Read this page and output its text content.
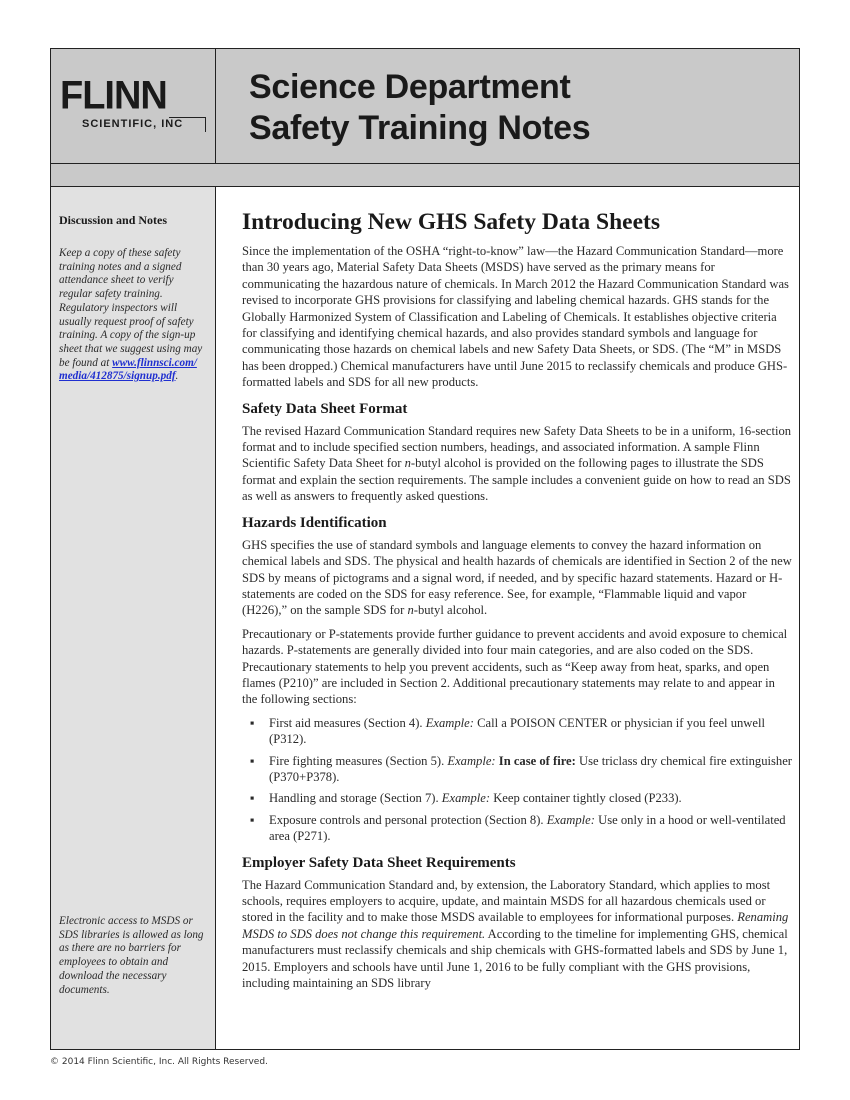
FLINN
SCIENTIFIC, INC
Science Department
Safety Training Notes
Discussion and Notes
Keep a copy of these safety training notes and a signed attendance sheet to verify regular safety training. Regulatory inspectors will usually request proof of safety training. A copy of the sign-up sheet that we suggest using may be found at www.flinnsci.com/
media/412875/signup.pdf.
Electronic access to MSDS or SDS libraries is allowed as long as there are no barriers for employees to obtain and download the necessary documents.
Introducing New GHS Safety Data Sheets

Since the implementation of the OSHA “right-to-know” law—the Hazard Communication Standard—more than 30 years ago, Material Safety Data Sheets (MSDS) have served as the primary means for communicating the hazardous nature of chemicals. In March 2012 the Hazard Communication Standard was revised to incorporate GHS provisions for classifying and labeling chemical hazards. GHS stands for the Globally Harmonized System of Classification and Labeling of Chemicals. It establishes objective criteria for classifying and identifying chemical hazards, and also provides standard symbols and language for communicating those hazards on chemical labels and new Safety Data Sheets, or SDS. (The “M” in MSDS has been dropped.) Chemical manufacturers have until June 2015 to reclassify chemicals and produce GHS-formatted labels and SDS for all new products.

Safety Data Sheet Format

The revised Hazard Communication Standard requires new Safety Data Sheets to be in a uniform, 16-section format and to include specified section numbers, headings, and associated information. A sample Flinn Scientific Safety Data Sheet for n-butyl alcohol is provided on the following pages to illustrate the SDS format and explain the section requirements. The sample includes a convenient guide on how to read an SDS as well as answers to frequently asked questions.

Hazards Identification

GHS specifies the use of standard symbols and language elements to convey the hazard information on chemical labels and SDS. The physical and health hazards of chemicals are identified in Section 2 of the new SDS by means of pictograms and a signal word, if needed, and by specific hazard statements. Hazard or H-statements are coded on the SDS for easy reference. See, for example, “Flammable liquid and vapor (H226),” on the sample SDS for n-butyl alcohol.

Precautionary or P-statements provide further guidance to prevent accidents and avoid exposure to chemical hazards. P-statements are generally divided into four main categories, and are also coded on the SDS. Precautionary statements to help you prevent accidents, such as “Keep away from heat, sparks, and open flames (P210)” are included in Section 2. Additional precautionary statements may relate to and appear in the following sections:

▪ First aid measures (Section 4). Example: Call a POISON CENTER or physician if you feel unwell (P312).
▪ Fire fighting measures (Section 5). Example: In case of fire: Use triclass dry chemical fire extinguisher (P370+P378).
▪ Handling and storage (Section 7). Example: Keep container tightly closed (P233).
▪ Exposure controls and personal protection (Section 8). Example: Use only in a hood or well-ventilated area (P271).
Employer Safety Data Sheet Requirements

The Hazard Communication Standard and, by extension, the Laboratory Standard, which applies to most schools, requires employers to acquire, update, and maintain MSDS for all hazardous chemicals used or stored in the facility and to make those MSDS available to employees for informational purposes. Renaming MSDS to SDS does not change this requirement. According to the timeline for implementing GHS, chemical manufacturers must reclassify chemicals and ship chemicals with GHS-formatted labels and SDS by June 1, 2015. Employers and schools have until June 1, 2016 to be fully compliant with the GHS provisions, including maintaining an SDS library

© 2014 Flinn Scientific, Inc. All Rights Reserved.
